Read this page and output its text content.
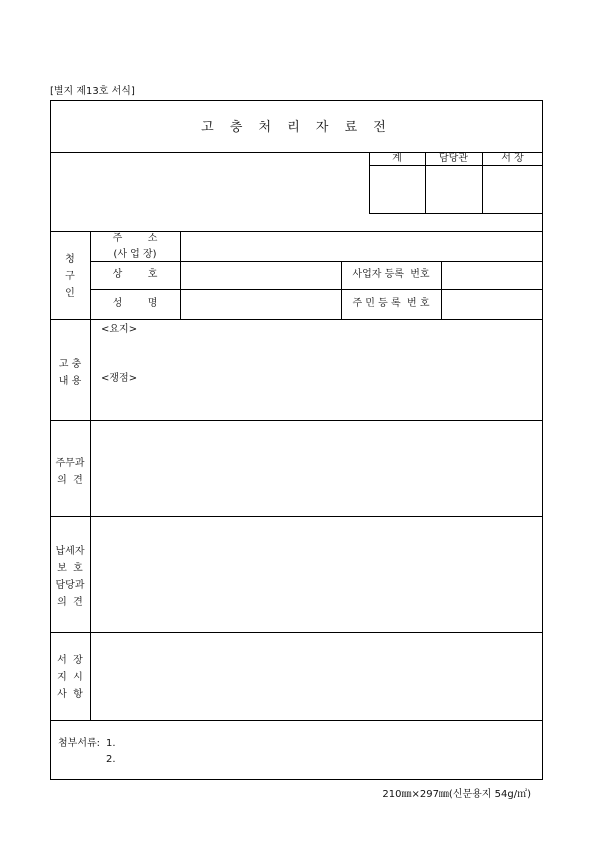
[별지 제13호 서식]
고 충 처 리 자 료 전
계	담당관	서 장
청
구
인
주        소
(사 업 장)
상        호
성        명
사업자 등록  번호
주 민 등 록  번 호
고 충
내 용
<요지>
<쟁점>
주무과
의  견
납세자
보  호
담당과
의  견
서  장
지  시
사  항
첨부서류: 1.
2.
210㎜×297㎜(신문용지 54g/㎡)
